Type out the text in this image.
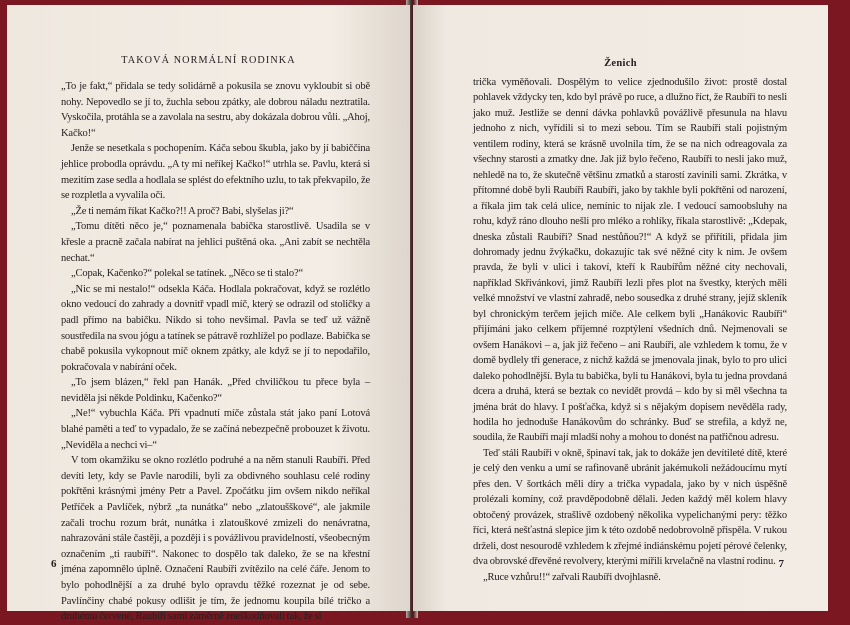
TAKOVÁ NORMÁLNÍ RODINKA

„To je fakt,“ přidala se tedy solidárně a pokusila se znovu vykloubit si obě nohy. Nepovedlo se jí to, žuchla sebou zpátky, ale dobrou náladu neztratila. Vyskočila, protáhla se a zavolala na sestru, aby dokázala dobrou vůli. „Ahoj, Kačko!“

Jenže se nesetkala s pochopením. Káča sebou škubla, jako by jí babiččina jehlice probodla oprávdu. „A ty mi neříkej Kačko!“ utrhla se. Pavlu, která si mezitím zase sedla a hodlala se splést do efektního uzlu, to tak překvapilo, že se rozpletla a vyvalila oči.

„Že ti nemám říkat Kačko?!! A proč? Babi, slyšelas ji?“

„Tomu dítěti něco je,“ poznamenala babička starostlivě. Usadila se v křesle a pracně začala nabírat na jehlici puštěná oka. „Ani zabít se nechtěla nechat.“

„Copak, Kačenko?“ polekal se tatínek. „Něco se ti stalo?“

„Nic se mi nestalo!“ odsekla Káča. Hodlala pokračovat, když se rozlétlo okno vedoucí do zahrady a dovnitř vpadl míč, který se odrazil od stoličky a padl přímo na babičku. Nikdo si toho nevšimal. Pavla se teď už vážně soustředila na svou jógu a tatínek se pátravě rozhlížel po podlaze. Babička se chabě pokusila vykopnout míč oknem zpátky, ale když se jí to nepodařilo, pokračovala v nabírání oček.

„To jsem blázen,“ řekl pan Hanák. „Před chviličkou tu přece byla – neviděla jsi někde Poldinku, Kačenko?“

„Ne!“ vybuchla Káča. Při vpadnutí míče zůstala stát jako paní Lotová blahé paměti a teď to vypadalo, že se začíná nebezpečně probouzet k životu. „Neviděla a nechci vi–“

V tom okamžiku se okno rozlétlo podruhé a na něm stanuli Raubíři. Před devíti lety, kdy se Pavle narodili, byli za obdivného souhlasu celé rodiny pokřtěni krásnými jmény Petr a Pavel. Zpočátku jim ovšem nikdo neříkal Petříček a Pavlíček, nýbrž „ta nunátka“ nebo „zlatoušškové“, ale jakmile začali trochu rozum brát, nunátka i zlatouškové zmizeli do nenávratna, nahrazováni stále častěji, a později i s povážlivou pravidelností, všeobecným označením „ti raubíři“. Nakonec to dospělo tak daleko, že se na křestní jména zapomnělo úplně. Označení Raubíři zvítězilo na celé čáře. Jenom to bylo pohodlnější a za druhé bylo opravdu těžké rozeznat je od sebe. Pavlínčiny chabé pokusy odlišit je tím, že jednomu koupila bílé tričko a druhému červené, Raubíři sami záměrně zneškodňovali tak, že si

6
Ženich

trička vyměňovali. Dospělým to velice zjednodušilo život: prostě dostal pohlavek vždycky ten, kdo byl právě po ruce, a dlužno říct, že Raubíři to nesli jako muž. Jestliže se denní dávka pohlavků povážlivě přesunula na hlavu jednoho z nich, vyřídili si to mezi sebou. Tím se Raubíři stali pojistným ventilem rodiny, která se krásně uvolnila tím, že se na nich odreagovala za všechny starosti a zmatky dne. Jak již bylo řečeno, Raubíři to nesli jako muž, nehledě na to, že skutečně většinu zmatků a starostí zavinili sami. Zkrátka, v přítomné době byli Raubíři Raubíři, jako by takhle byli pokřtěni od narození, a říkala jim tak celá ulice, nemínic to nijak zle. I vedoucí samoobsluhy na rohu, když ráno dlouho nešli pro mléko a rohlíky, říkala starostlivě: „Kdepak, dneska zůstali Raubíři? Snad nestůňou?!“ A když se přiřítili, přidala jim dohromady jednu žvýkačku, dokazujíc tak své něžné city k nim. Je ovšem pravda, že byli v ulici i takoví, kteří k Raubířům něžné city nechovali, například Skřivánkovi, jimž Raubíři lezli přes plot na švestky, kterých měli velké množství ve vlastní zahradě, nebo sousedka z druhé strany, jejíž skleník byl chronickým terčem jejich míče. Ale celkem byli „Hanákovic Raubíři“ přijímáni jako celkem příjemné rozptýlení všedních dnů. Nejmenovali se ovšem Hanákovi – a, jak již řečeno – ani Raubíři, ale vzhledem k tomu, že v domě bydlely tři generace, z nichž každá se jmenovala jinak, bylo to pro ulici daleko pohodlnější. Byla tu babička, byli tu Hanákovi, byla tu jedna provdaná dcera a druhá, která se beztak co nevidět provdá – kdo by si měl všechna ta jména brát do hlavy. I pošťačka, když si s nějakým dopisem nevěděla rady, hodila ho jednoduše Hanákovům do schránky. Buď se strefila, a když ne, soudila, že Raubíři mají mladší nohy a mohou to donést na patřičnou adresu.

Teď stáli Raubíři v okně, špinaví tak, jak to dokáže jen devítileté dítě, které je celý den venku a umí se rafinovaně ubránit jakémukoli nežádoucímu mytí přes den. V šortkách měli díry a trička vypadala, jako by v nich úspěšně prolézali komíny, což pravděpodobně dělali. Jeden každý měl kolem hlavy obtočený provázek, strašlivě ozdobený několika vypelichanými pery: těžko říci, která nešťastná slepice jim k této ozdobě nedobrovolně přispěla. V rukou drželi, dost nesourodě vzhledem k zřejmé indiánskému pojetí pérové čelenky, dva obrovské dřevěné revolvery, kterými mířili krvelačně na vlastní rodinu.

„Ruce vzhůru!!“ zařvali Raubíři dvojhlasně.

7
